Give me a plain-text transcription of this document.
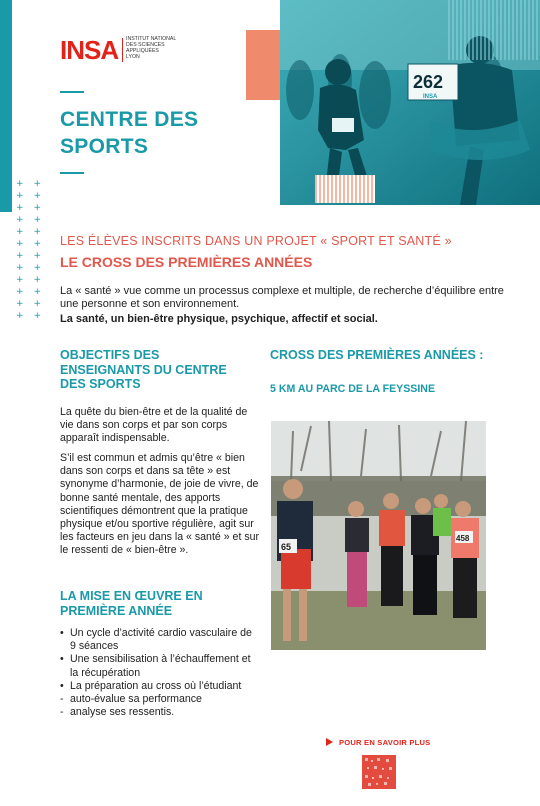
+ +
+ +
+ +
+ +
+ +
+ +
+ +
+ +
+ +
+ +
+ +
+ +
INSA INSTITUT NATIONAL
DES SCIENCES
APPLIQUÉES
LYON
CENTRE DES SPORTS
262
INSA
LES ÉLÈVES INSCRITS DANS UN PROJET « SPORT ET SANTÉ »
LE CROSS DES PREMIÈRES ANNÉES
La « santé » vue comme un processus complexe et multiple, de recherche d’équilibre entre une personne et son environnement.
La santé, un bien-être physique, psychique, affectif et social.
OBJECTIFS DES ENSEIGNANTS DU CENTRE DES SPORTS
La quête du bien-être et de la qualité de vie dans son corps et par son corps apparaît indispensable.
S’il est commun et admis qu’être « bien dans son corps et dans sa tête » est synonyme d’harmonie, de joie de vivre, de bonne santé mentale, des apports scientifiques démontrent que la pratique physique et/ou sportive régulière, agit sur les facteurs en jeu dans la « santé » et sur le ressenti de « bien-être ».
LA MISE EN ŒUVRE EN PREMIÈRE ANNÉE
• Un cycle d’activité cardio vasculaire de 9 séances
• Une sensibilisation à l’échauffement et la récupération
• La préparation au cross où l’étudiant
- auto-évalue sa performance
- analyse ses ressentis.
CROSS DES PREMIÈRES ANNÉES :
5 KM AU PARC DE LA FEYSSINE
65
458
POUR EN SAVOIR PLUS
